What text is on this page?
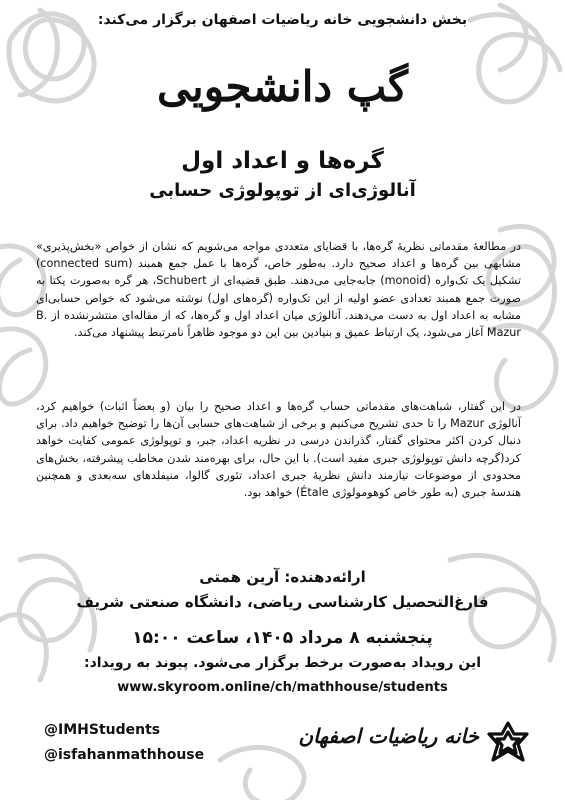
بخش دانشجویی خانه ریاضیات اصفهان برگزار می‌کند:
گپ دانشجویی
گره‌ها و اعداد اول
آنالوژی‌ای از توپولوژی حسابی
در مطالعهٔ مقدماتی نظریهٔ گره‌ها، با قضایای متعددی مواجه می‌شویم که نشان از خواص «بخش‌پذیری» مشابهی بین گره‌ها و اعداد صحیح دارد. به‌طور خاص، گره‌ها با عمل جمع همبند (connected sum) تشکیل یک تک‌واره (monoid) جابه‌جایی می‌دهند. طبق قضیه‌ای از Schubert، هر گره به‌صورت یکتا به صورت جمع همبند تعدادی عضو اولیه از این تک‌واره (گره‌های اول) نوشته می‌شود که خواص حسابی‌ای مشابه به اعداد اول به دست می‌دهند. آنالوژی میان اعداد اول و گره‌ها، که از مقاله‌ای منتشرنشده از B. Mazur آغاز می‌شود، یک ارتباط عمیق و بنیادین بین این دو موجود ظاهراً نامرتبط پیشنهاد می‌کند.
در این گفتار، شباهت‌های مقدماتی حساب گره‌ها و اعداد صحیح را بیان (و بعضاً اثبات) خواهیم کرد، آنالوژی Mazur را تا حدی تشریح می‌کنیم و برخی از شباهت‌های حسابی آن‌ها را توضیح خواهیم داد. برای دنبال کردن اکثر محتوای گفتار، گذراندن درسی در نظریه اعداد، جبر، و توپولوژی عمومی کفایت خواهد کرد(گرچه دانش توپولوژی جبری مفید است). با این حال، برای بهره‌مند شدن مخاطب پیشرفته، بخش‌های محدودی از موضوعات نیازمند دانش نظریهٔ جبری اعداد، تئوری گالوا، منیفلدهای سه‌بعدی و همچنین هندسهٔ جبری (به طور خاص کوهومولوژی Étale) خواهد بود.
ارائه‌دهنده: آرین همتی
فارغ‌التحصیل کارشناسی ریاضی، دانشگاه صنعتی شریف
پنجشنبه ۸ مرداد ۱۴۰۵، ساعت ۱۵:۰۰
این رویداد به‌صورت برخط برگزار می‌شود. پیوند به رویداد:
www.skyroom.online/ch/mathhouse/students
@IMHStudents
@isfahanmathhouse
خانه ریاضیات اصفهان
